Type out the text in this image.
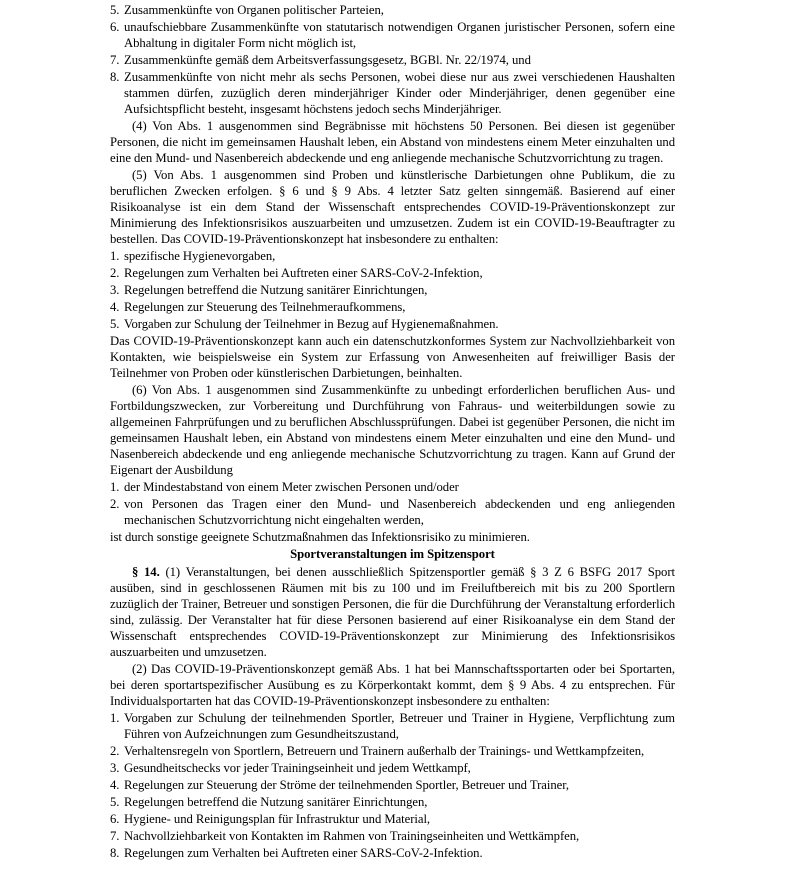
5. Zusammenkünfte von Organen politischer Parteien,
6. unaufschiebbare Zusammenkünfte von statutarisch notwendigen Organen juristischer Personen, sofern eine Abhaltung in digitaler Form nicht möglich ist,
7. Zusammenkünfte gemäß dem Arbeitsverfassungsgesetz, BGBl. Nr. 22/1974, und
8. Zusammenkünfte von nicht mehr als sechs Personen, wobei diese nur aus zwei verschiedenen Haushalten stammen dürfen, zuzüglich deren minderjähriger Kinder oder Minderjähriger, denen gegenüber eine Aufsichtspflicht besteht, insgesamt höchstens jedoch sechs Minderjähriger.

(4) Von Abs. 1 ausgenommen sind Begräbnisse mit höchstens 50 Personen. Bei diesen ist gegenüber Personen, die nicht im gemeinsamen Haushalt leben, ein Abstand von mindestens einem Meter einzuhalten und eine den Mund- und Nasenbereich abdeckende und eng anliegende mechanische Schutzvorrichtung zu tragen.

(5) Von Abs. 1 ausgenommen sind Proben und künstlerische Darbietungen ohne Publikum, die zu beruflichen Zwecken erfolgen. § 6 und § 9 Abs. 4 letzter Satz gelten sinngemäß. Basierend auf einer Risikoanalyse ist ein dem Stand der Wissenschaft entsprechendes COVID-19-Präventionskonzept zur Minimierung des Infektionsrisikos auszuarbeiten und umzusetzen. Zudem ist ein COVID-19-Beauftragter zu bestellen. Das COVID-19-Präventionskonzept hat insbesondere zu enthalten:

1. spezifische Hygienevorgaben,
2. Regelungen zum Verhalten bei Auftreten einer SARS-CoV-2-Infektion,
3. Regelungen betreffend die Nutzung sanitärer Einrichtungen,
4. Regelungen zur Steuerung des Teilnehmeraufkommens,
5. Vorgaben zur Schulung der Teilnehmer in Bezug auf Hygienemaßnahmen.

Das COVID-19-Präventionskonzept kann auch ein datenschutzkonformes System zur Nachvollziehbarkeit von Kontakten, wie beispielsweise ein System zur Erfassung von Anwesenheiten auf freiwilliger Basis der Teilnehmer von Proben oder künstlerischen Darbietungen, beinhalten.

(6) Von Abs. 1 ausgenommen sind Zusammenkünfte zu unbedingt erforderlichen beruflichen Aus- und Fortbildungszwecken, zur Vorbereitung und Durchführung von Fahraus- und weiterbildungen sowie zu allgemeinen Fahrprüfungen und zu beruflichen Abschlussprüfungen. Dabei ist gegenüber Personen, die nicht im gemeinsamen Haushalt leben, ein Abstand von mindestens einem Meter einzuhalten und eine den Mund- und Nasenbereich abdeckende und eng anliegende mechanische Schutzvorrichtung zu tragen. Kann auf Grund der Eigenart der Ausbildung

1. der Mindestabstand von einem Meter zwischen Personen und/oder
2. von Personen das Tragen einer den Mund- und Nasenbereich abdeckenden und eng anliegenden mechanischen Schutzvorrichtung nicht eingehalten werden,

ist durch sonstige geeignete Schutzmaßnahmen das Infektionsrisiko zu minimieren.

Sportveranstaltungen im Spitzensport

§ 14. (1) Veranstaltungen, bei denen ausschließlich Spitzensportler gemäß § 3 Z 6 BSFG 2017 Sport ausüben, sind in geschlossenen Räumen mit bis zu 100 und im Freiluftbereich mit bis zu 200 Sportlern zuzüglich der Trainer, Betreuer und sonstigen Personen, die für die Durchführung der Veranstaltung erforderlich sind, zulässig. Der Veranstalter hat für diese Personen basierend auf einer Risikoanalyse ein dem Stand der Wissenschaft entsprechendes COVID-19-Präventionskonzept zur Minimierung des Infektionsrisikos auszuarbeiten und umzusetzen.

(2) Das COVID-19-Präventionskonzept gemäß Abs. 1 hat bei Mannschaftssportarten oder bei Sportarten, bei deren sportartspezifischer Ausübung es zu Körperkontakt kommt, dem § 9 Abs. 4 zu entsprechen. Für Individualsportarten hat das COVID-19-Präventionskonzept insbesondere zu enthalten:

1. Vorgaben zur Schulung der teilnehmenden Sportler, Betreuer und Trainer in Hygiene, Verpflichtung zum Führen von Aufzeichnungen zum Gesundheitszustand,
2. Verhaltensregeln von Sportlern, Betreuern und Trainern außerhalb der Trainings- und Wettkampfzeiten,
3. Gesundheitschecks vor jeder Trainingseinheit und jedem Wettkampf,
4. Regelungen zur Steuerung der Ströme der teilnehmenden Sportler, Betreuer und Trainer,
5. Regelungen betreffend die Nutzung sanitärer Einrichtungen,
6. Hygiene- und Reinigungsplan für Infrastruktur und Material,
7. Nachvollziehbarkeit von Kontakten im Rahmen von Trainingseinheiten und Wettkämpfen,
8. Regelungen zum Verhalten bei Auftreten einer SARS-CoV-2-Infektion.
